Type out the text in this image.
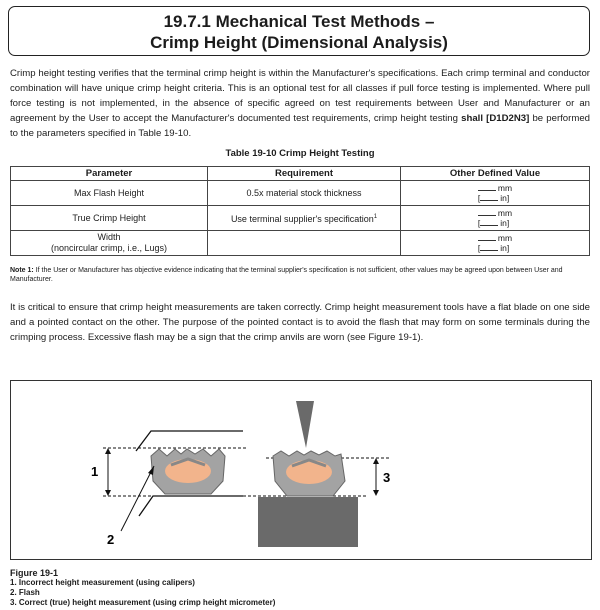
19.7.1 Mechanical Test Methods –
Crimp Height (Dimensional Analysis)

Crimp height testing verifies that the terminal crimp height is within the Manufacturer's specifications. Each crimp terminal and conductor combination will have unique crimp height criteria. This is an optional test for all classes if pull force testing is implemented. Where pull force testing is not implemented, in the absence of specific agreed on test requirements between User and Manufacturer or an agreement by the User to accept the Manufacturer's documented test requirements, crimp height testing shall [D1D2N3] be performed to the parameters specified in Table 19-10.

Table 19-10 Crimp Height Testing
Parameter	Requirement	Other Defined Value
Max Flash Height	0.5x material stock thickness	mm
[ in]
True Crimp Height	Use terminal supplier's specification$^1$	mm
[ in]
Width
(noncircular crimp, i.e., Lugs)		mm
[ in]
Note 1: If the User or Manufacturer has objective evidence indicating that the terminal supplier's specification is not sufficient, other values may be agreed upon between User and Manufacturer.

It is critical to ensure that crimp height measurements are taken correctly. Crimp height measurement tools have a flat blade on one side and a pointed contact on the other. The purpose of the pointed contact is to avoid the flash that may form on some terminals during the crimping process. Excessive flash may be a sign that the crimp anvils are worn (see Figure 19-1).

1
2
3
Figure 19-1
1. Incorrect height measurement (using calipers)
2. Flash
3. Correct (true) height measurement (using crimp height micrometer)
